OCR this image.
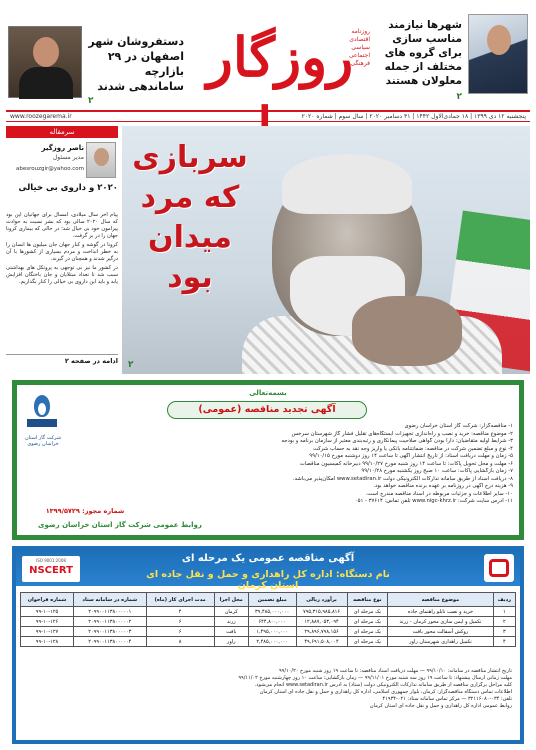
شهرها نیازمند مناسب سازی برای گروه های مختلف از جمله معلولان هستند
۲
روزگار
روزنامه اقتصادی سیاسی اجتماعی فرهنگی
دستفروشان شهر اصفهان در ۲۹ بازارچه ساماندهی شدند
۲
پنجشنبه ۱۲ دی ۱۳۹۹ | ۱۸ جمادی‌الاول ۱۴۴۲ | ۳۱ دسامبر ۲۰۲۰ | سال سوم | شماره ۲۰۲۰
www.roozegarema.ir
سربازی که مرد میدان بود
۲
سرمقاله
ناصر روزگیر
مدیر مسئول
abesrouzgir@yahoo.com
۲۰۲۰ و داروی بی خیالی

پیام آخر سال میلادی، امسال برای جهانیان این بود که سال ۲۰۲۰ سالی بود که بشر نسبت به حوادث پیرامون خود بی خیال شد؛ در حالی که بیماری کرونا جهان را در بر گرفت.

کرونا در گوشه و کنار جهان جان میلیون ها انسان را به خطر انداخت و مردم بسیاری از کشورها با آن درگیر شدند و همچنان در گیرند.

در کشور ما نیز بی توجهی به پروتکل های بهداشتی سبب شد تا تعداد مبتلایان و جان باختگان افزایش یابد و باید این داروی بی خیالی را کنار بگذاریم.

ادامه در صفحه ۲
بسمه‌تعالی
آگهی تجدید مناقصه (عمومی)
شرکت گاز استان خراسان رضوی
۱- مناقصه‌گزار: شرکت گاز استان خراسان رضوی
۲- موضوع مناقصه: خرید و نصب و راه‌اندازی تجهیزات ایستگاه‌های تقلیل فشار گاز شهرستان سرخس
۳- شرایط اولیه متقاضیان: دارا بودن گواهی صلاحیت پیمانکاری و رتبه‌بندی معتبر از سازمان برنامه و بودجه
۴- نوع و مبلغ تضمین شرکت در مناقصه: ضمانتنامه بانکی یا واریز وجه نقد به حساب شرکت
۵- زمان و مهلت دریافت اسناد: از تاریخ انتشار آگهی تا ساعت ۱۴ روز دوشنبه مورخ ۹۹/۱۰/۱۵
۶- مهلت و محل تحویل پاکات: تا ساعت ۱۴ روز شنبه مورخ ۹۹/۱۰/۲۷ دبیرخانه کمیسیون مناقصات
۷- زمان بازگشایی پاکات: ساعت ۱۰ صبح روز یکشنبه مورخ ۹۹/۱۰/۲۸
۸- دریافت اسناد از طریق سامانه تدارکات الکترونیکی دولت www.setadiran.ir امکان‌پذیر می‌باشد.
۹- هزینه درج آگهی در روزنامه بر عهده برنده مناقصه خواهد بود.
۱۰- سایر اطلاعات و جزئیات مربوطه در اسناد مناقصه مندرج است.
۱۱- آدرس سایت شرکت: www.nigc-khrz.ir تلفن تماس: ۳۷۶۱۴ - ۰۵۱
شماره مجوز: ۱۳۹۹/۵۷۲۹
روابط عمومی شرکت گاز استان خراسان رضوی
ISO 9001:2008
NSCERT
آگهی مناقصه عمومی یک مرحله ای
نام دستگاه: اداره کل راهداری و حمل و نقل جاده ای استان کرمان
ردیف	موضوع مناقصه	نوع مناقصه	برآورد ریالی	مبلغ تضمین	محل اجرا	مدت اجرای کار (ماه)	شماره در سامانه ستاد	شماره فراخوان
۱	خرید و نصب تابلو راهنمای جاده	یک مرحله ای	۷۹۵,۳۱۵,۹۸۵,۸۱۶	۳۹,۴۸۵,۰۰۰,۰۰۰	کرمان	۴	۲۰۹۹۰۰۱۱۳۸۰۰۰۰۰۱	۹۹-۱۰-۱۲۵
۲	تکمیل و ایمن سازی محور کرمان - زرند	یک مرحله ای	۱۲,۸۸۷,۰۵۳,۰۹۴	۶۴۴,۸۰۰,۰۰۰	زرند	۶	۲۰۹۹۰۰۱۱۳۸۰۰۰۰۰۲	۹۹-۱۰-۱۲۶
۳	روکش آسفالت محور بافت	یک مرحله ای	۲۹,۸۹۶,۷۹۸,۱۵۶	۱,۴۹۵,۰۰۰,۰۰۰	بافت	۶	۲۰۹۹۰۰۱۱۳۸۰۰۰۰۰۳	۹۹-۱۰-۱۲۷
۴	تکمیل راهداری شهرستان راور	یک مرحله ای	۴۹,۶۹۱,۵۰۸,۰۰۴	۲,۴۸۵,۰۰۰,۰۰۰	راور	۸	۲۰۹۹۰۰۱۱۳۸۰۰۰۰۰۴	۹۹-۱۰-۱۲۸
تاریخ انتشار مناقصه در سامانه: ۹۹/۱۰/۱۰ — مهلت دریافت اسناد مناقصه: تا ساعت ۱۹ روز شنبه مورخ ۹۹/۱۰/۲۰
مهلت زمانی ارسال پیشنهاد: تا ساعت ۱۹ روز سه شنبه مورخ ۹۹/۱۱/۰۱ — زمان بازگشایی: ساعت ۱۰ روز چهارشنبه مورخ ۹۹/۱۱/۰۲
کلیه مراحل برگزاری مناقصه از طریق سامانه تدارکات الکترونیکی دولت (ستاد) به آدرس www.setadiran.ir انجام می‌شود.
اطلاعات تماس دستگاه مناقصه‌گزار: کرمان، بلوار جمهوری اسلامی، اداره کل راهداری و حمل و نقل جاده ای استان کرمان
تلفن: ۰۳۴-۳۲۱۱۶۰۸۰ — مرکز تماس سامانه ستاد: ۰۲۱-۴۱۹۳۴
روابط عمومی اداره کل راهداری و حمل و نقل جاده ای استان کرمان
